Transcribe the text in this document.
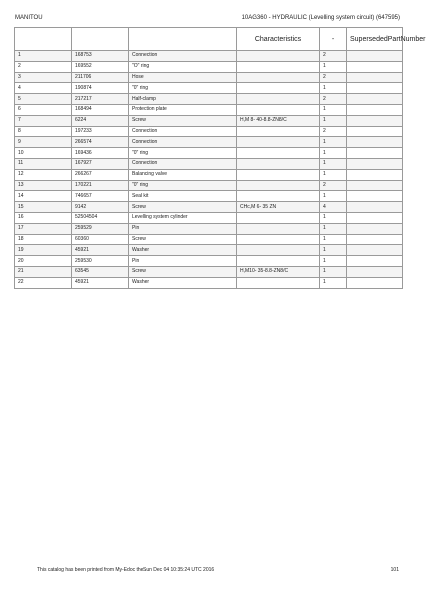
MANITOU	10AG360 - HYDRAULIC (Levelling system circuit) (647595)
			Characteristics	-	SupersededPartNumber
1	168753	Connection		2	
2	169552	"O" ring		1	
3	211706	Hose		2	
4	190874	"0" ring		1	
5	217217	Half-clamp		2	
6	168494	Protection plate		1	
7	6224	Screw	H,M 8- 40-8.8-ZN8/C	1	
8	197233	Connection		2	
9	266574	Connection		1	
10	169436	"0" ring		1	
11	167927	Connection		1	
12	266267	Balancing valve		1	
13	170221	"0" ring		2	
14	746657	Seal kit		1	
15	9142	Screw	CHc,M 6- 35 ZN	4	
16	52504504	Levelling system cylinder		1	
17	259529	Pin		1	
18	60360	Screw		1	
19	45921	Washer		1	
20	259530	Pin		1	
21	63545	Screw	H,M10- 35-8.8-ZN8/C	1	
22	45921	Washer		1	
This catalog has been printed from My-Edoc the Sun Dec 04 10:35:24 UTC 2016	101
